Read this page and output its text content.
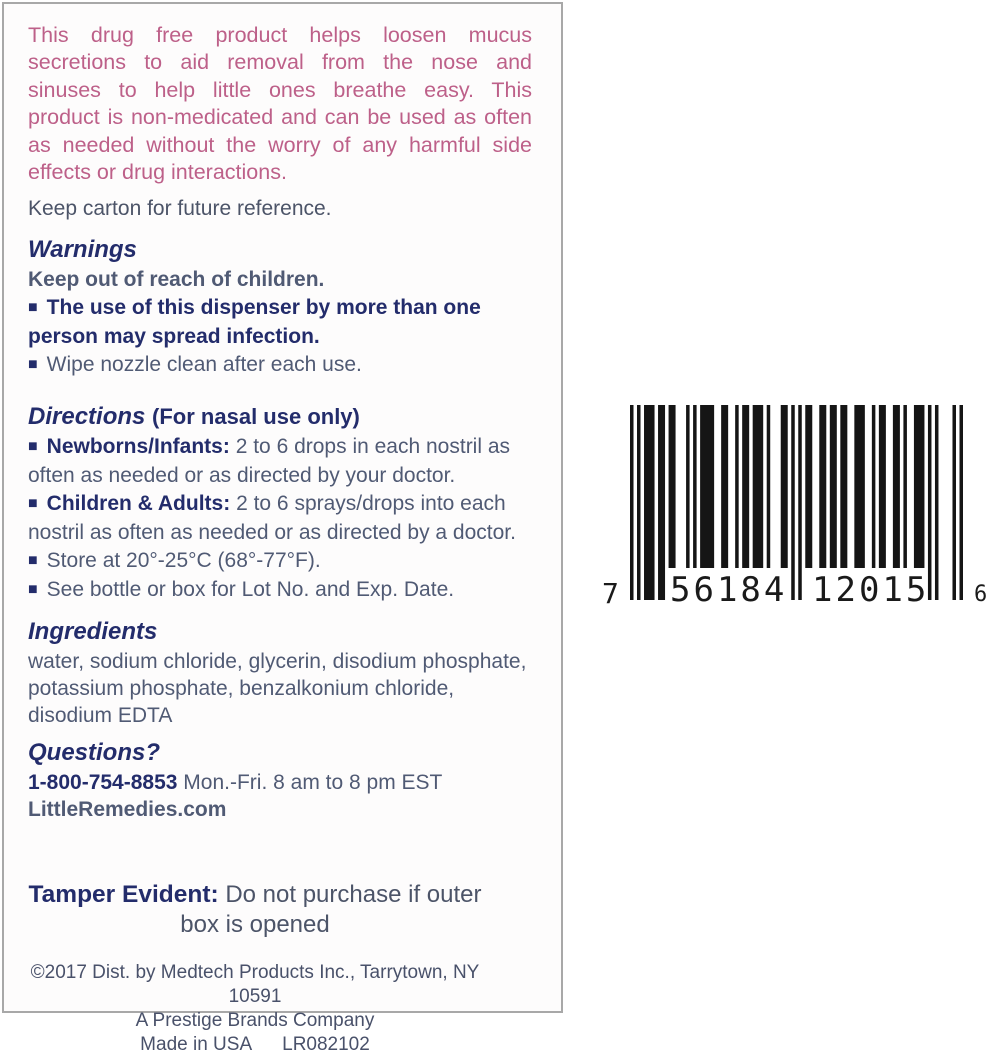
This drug free product helps loosen mucus
secretions to aid removal from the nose and
sinuses to help little ones breathe easy. This
product is non-medicated and can be used as often
as needed without the worry of any harmful side
effects or drug interactions.

Keep carton for future reference.

Warnings

Keep out of reach of children.

■ The use of this dispenser by more than one person may spread infection.

■ Wipe nozzle clean after each use.

Directions (For nasal use only)

■ Newborns/Infants: 2 to 6 drops in each nostril as often as needed or as directed by your doctor.

■ Children & Adults: 2 to 6 sprays/drops into each nostril as often as needed or as directed by a doctor.

■ Store at 20°-25°C (68°-77°F).

■ See bottle or box for Lot No. and Exp. Date.

Ingredients

water, sodium chloride, glycerin, disodium phosphate, potassium phosphate, benzalkonium chloride, disodium EDTA

Questions?

1-800-754-8853 Mon.-Fri. 8 am to 8 pm EST

LittleRemedies.com

Tamper Evident: Do not purchase if outer box is opened
©2017 Dist. by Medtech Products Inc., Tarrytown, NY 10591
A Prestige Brands Company
Made in USA LR082102
7 56184 12015 6
